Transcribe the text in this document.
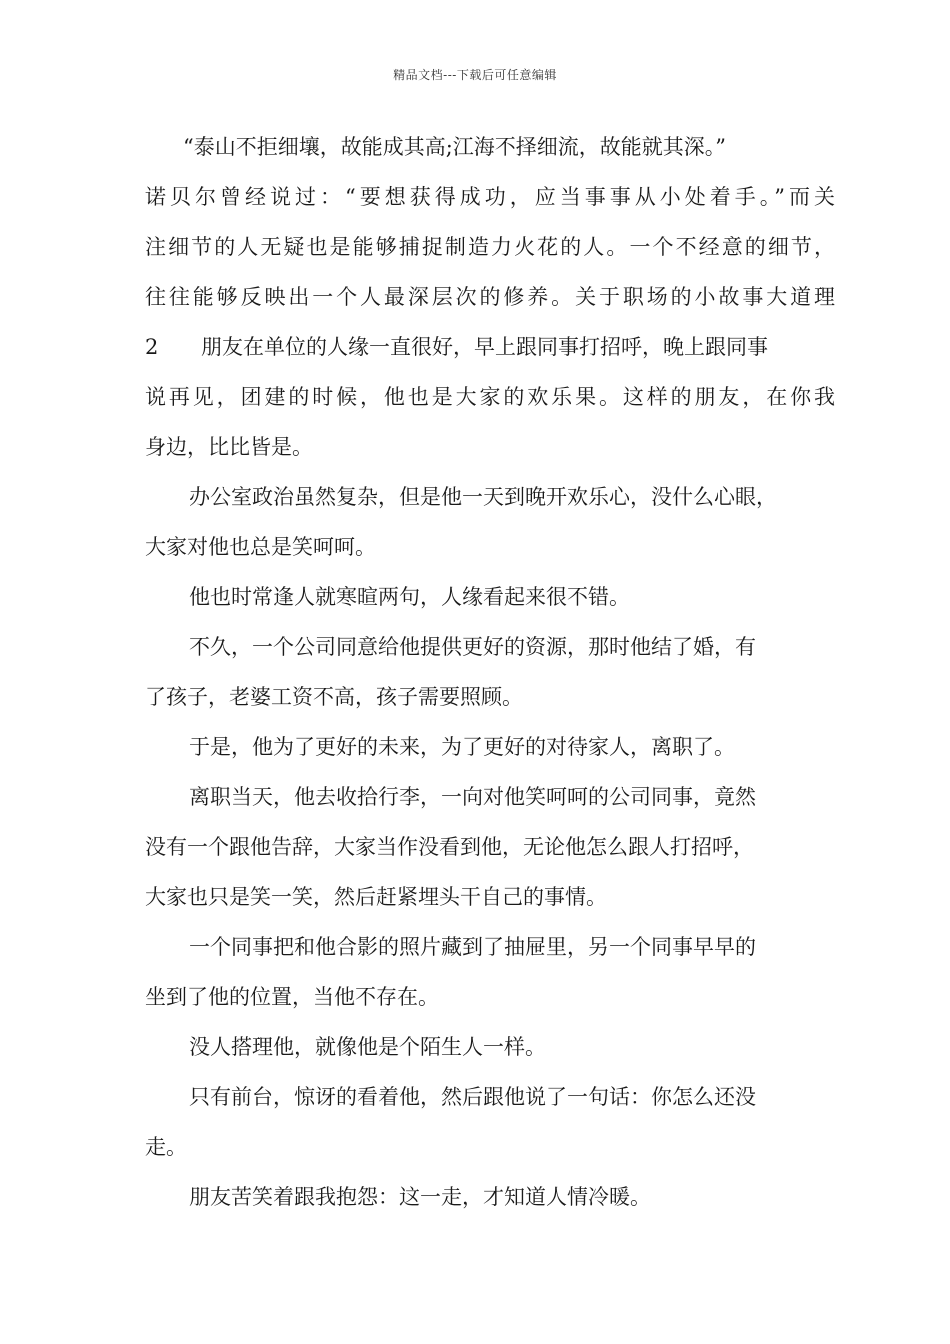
精品文档---下载后可任意编辑
“泰山不拒细壤，故能成其高;江海不择细流，故能就其深。”
诺贝尔曾经说过：“要想获得成功，应当事事从小处着手。”而关
注细节的人无疑也是能够捕捉制造力火花的人。一个不经意的细节，
往往能够反映出一个人最深层次的修养。关于职场的小故事大道理
2 朋友在单位的人缘一直很好，早上跟同事打招呼，晚上跟同事
说再见，团建的时候，他也是大家的欢乐果。这样的朋友，在你我
身边，比比皆是。
办公室政治虽然复杂，但是他一天到晚开欢乐心，没什么心眼，
大家对他也总是笑呵呵。
他也时常逢人就寒暄两句，人缘看起来很不错。
不久，一个公司同意给他提供更好的资源，那时他结了婚，有
了孩子，老婆工资不高，孩子需要照顾。
于是，他为了更好的未来，为了更好的对待家人，离职了。
离职当天，他去收拾行李，一向对他笑呵呵的公司同事，竟然
没有一个跟他告辞，大家当作没看到他，无论他怎么跟人打招呼，
大家也只是笑一笑，然后赶紧埋头干自己的事情。
一个同事把和他合影的照片藏到了抽屉里，另一个同事早早的
坐到了他的位置，当他不存在。
没人搭理他，就像他是个陌生人一样。
只有前台，惊讶的看着他，然后跟他说了一句话：你怎么还没
走。
朋友苦笑着跟我抱怨：这一走，才知道人情冷暖。
